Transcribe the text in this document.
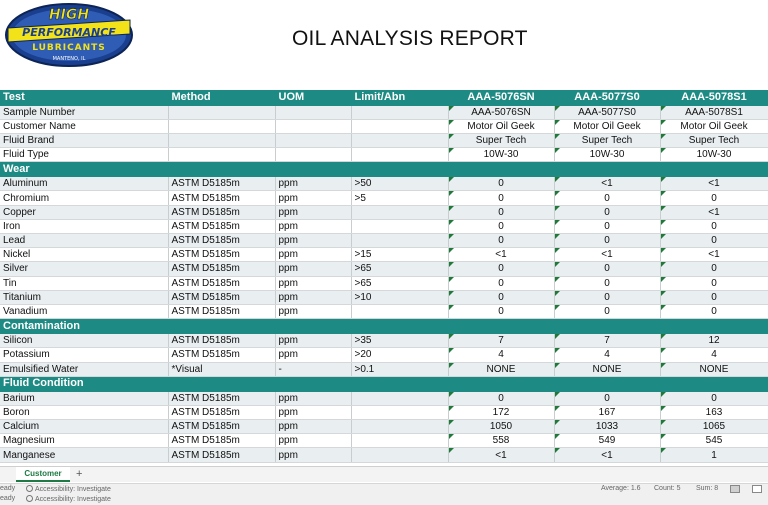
HIGH
PERFORMANCE
LUBRICANTS
MANTENO, IL
OIL ANALYSIS REPORT
Test	Method	UOM	Limit/Abn	AAA-5076SN	AAA-5077S0	AAA-5078S1
Sample Number				AAA-5076SN	AAA-5077S0	AAA-5078S1
Customer Name				Motor Oil Geek	Motor Oil Geek	Motor Oil Geek
Fluid Brand				Super Tech	Super Tech	Super Tech
Fluid Type				10W-30	10W-30	10W-30
Wear						
Aluminum	ASTM D5185m	ppm	>50	0	<1	<1
Chromium	ASTM D5185m	ppm	>5	0	0	0
Copper	ASTM D5185m	ppm		0	0	<1
Iron	ASTM D5185m	ppm		0	0	0
Lead	ASTM D5185m	ppm		0	0	0
Nickel	ASTM D5185m	ppm	>15	<1	<1	<1
Silver	ASTM D5185m	ppm	>65	0	0	0
Tin	ASTM D5185m	ppm	>65	0	0	0
Titanium	ASTM D5185m	ppm	>10	0	0	0
Vanadium	ASTM D5185m	ppm		0	0	0
Contamination						
Silicon	ASTM D5185m	ppm	>35	7	7	12
Potassium	ASTM D5185m	ppm	>20	4	4	4
Emulsified Water	*Visual	-	>0.1	NONE	NONE	NONE
Fluid Condition						
Barium	ASTM D5185m	ppm		0	0	0
Boron	ASTM D5185m	ppm		172	167	163
Calcium	ASTM D5185m	ppm		1050	1033	1065
Magnesium	ASTM D5185m	ppm		558	549	545
Manganese	ASTM D5185m	ppm		<1	<1	1
Customer	+
eady	Accessibility: Investigate	Average: 1.6 Count: 5 Sum: 8
eady	Accessibility: Investigate
